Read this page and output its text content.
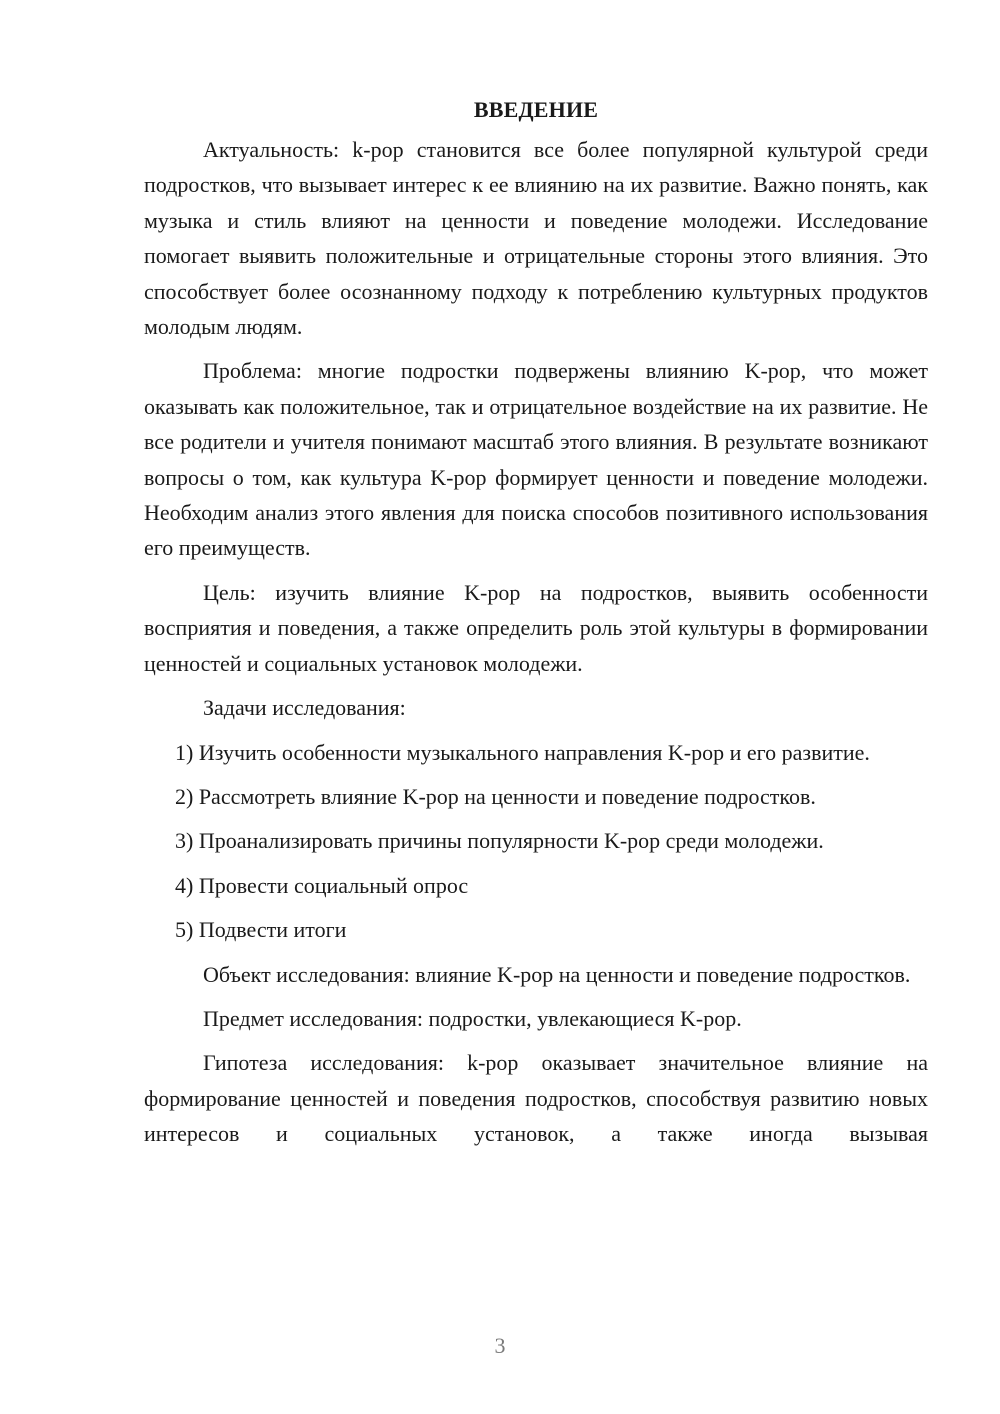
ВВЕДЕНИЕ

Актуальность: k-pop становится все более популярной культурой среди подростков, что вызывает интерес к ее влиянию на их развитие. Важно понять, как музыка и стиль влияют на ценности и поведение молодежи. Исследование помогает выявить положительные и отрицательные стороны этого влияния. Это способствует более осознанному подходу к потреблению культурных продуктов молодым людям.

Проблема: многие подростки подвержены влиянию K-pop, что может оказывать как положительное, так и отрицательное воздействие на их развитие. Не все родители и учителя понимают масштаб этого влияния. В результате возникают вопросы о том, как культура K-pop формирует ценности и поведение молодежи. Необходим анализ этого явления для поиска способов позитивного использования его преимуществ.

Цель: изучить влияние K-pop на подростков, выявить особенности восприятия и поведения, а также определить роль этой культуры в формировании ценностей и социальных установок молодежи.

Задачи исследования:

1) Изучить особенности музыкального направления K-pop и его развитие.

2) Рассмотреть влияние K-pop на ценности и поведение подростков.

3) Проанализировать причины популярности K-pop среди молодежи.

4) Провести социальный опрос

5) Подвести итоги

Объект исследования: влияние K-pop на ценности и поведение подростков.

Предмет исследования: подростки, увлекающиеся K-pop.

Гипотеза исследования: k-pop оказывает значительное влияние на формирование ценностей и поведения подростков, способствуя развитию новых интересов и социальных установок, а также иногда вызывая

3
